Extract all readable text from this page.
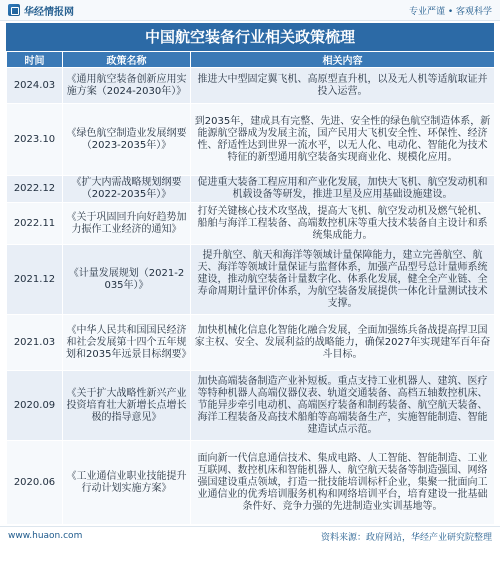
华经情报网	专业严谨 • 客观科学
中国航空装备行业相关政策梳理
时间	政策名称	相关内容
2024.03	《通用航空装备创新应用实施方案（2024-2030年）》	推进大中型固定翼飞机、高原型直升机，以及无人机等适航取证并投入运营。
2023.10	《绿色航空制造业发展纲要（2023-2035年）》	到2035年，建成具有完整、先进、安全性的绿色航空制造体系，新能源航空器成为发展主流，国产民用大飞机安全性、环保性、经济性、舒适性达到世界一流水平，以无人化、电动化、智能化为技术特征的新型通用航空装备实现商业化、规模化应用。
2022.12	《扩大内需战略规划纲要（2022-2035年）》	促进重大装备工程应用和产业化发展，加快大飞机、航空发动机和机载设备等研发，推进卫星及应用基础设施建设。
2022.11	《关于巩固回升向好趋势加力振作工业经济的通知》	打好关键核心技术攻坚战，提高大飞机、航空发动机及燃气轮机、船舶与海洋工程装备、高端数控机床等重大技术装备自主设计和系统集成能力。
2021.12	《计量发展规划（2021-2035年）》	提升航空、航天和海洋等领域计量保障能力，建立完善航空、航天、海洋等领域计量保证与监督体系，加强产品型号总计量师系统建设，推动航空装备计量数字化、体系化发展，健全全产业链、全寿命周期计量评价体系，为航空装备发展提供一体化计量测试技术支撑。
2021.03	《中华人民共和国国民经济和社会发展第十四个五年规划和2035年远景目标纲要》	加快机械化信息化智能化融合发展，全面加强练兵备战提高捍卫国家主权、安全、发展利益的战略能力，确保2027年实现建军百年奋斗目标。
2020.09	《关于扩大战略性新兴产业投资培育壮大新增长点增长极的指导意见》	加快高端装备制造产业补短板。重点支持工业机器人、建筑、医疗等特种机器人高端仪器仪表、轨道交通装备、高档五轴数控机床、节能异步牵引电动机、高端医疗装备和制药装备、航空航天装备、海洋工程装备及高技术船舶等高端装备生产，实施智能制造、智能建造试点示范。
2020.06	《工业通信业职业技能提升行动计划实施方案》	面向新一代信息通信技术、集成电路、人工智能、智能制造、工业互联网、数控机床和智能机器人、航空航天装备等制造强国、网络强国建设重点领域，打造一批技能培训标杆企业，集聚一批面向工业通信业的优秀培训服务机构和网络培训平台，培育建设一批基础条件好、竞争力强的先进制造业实训基地等。
www.huaon.com	资料来源：政府网站，华经产业研究院整理
